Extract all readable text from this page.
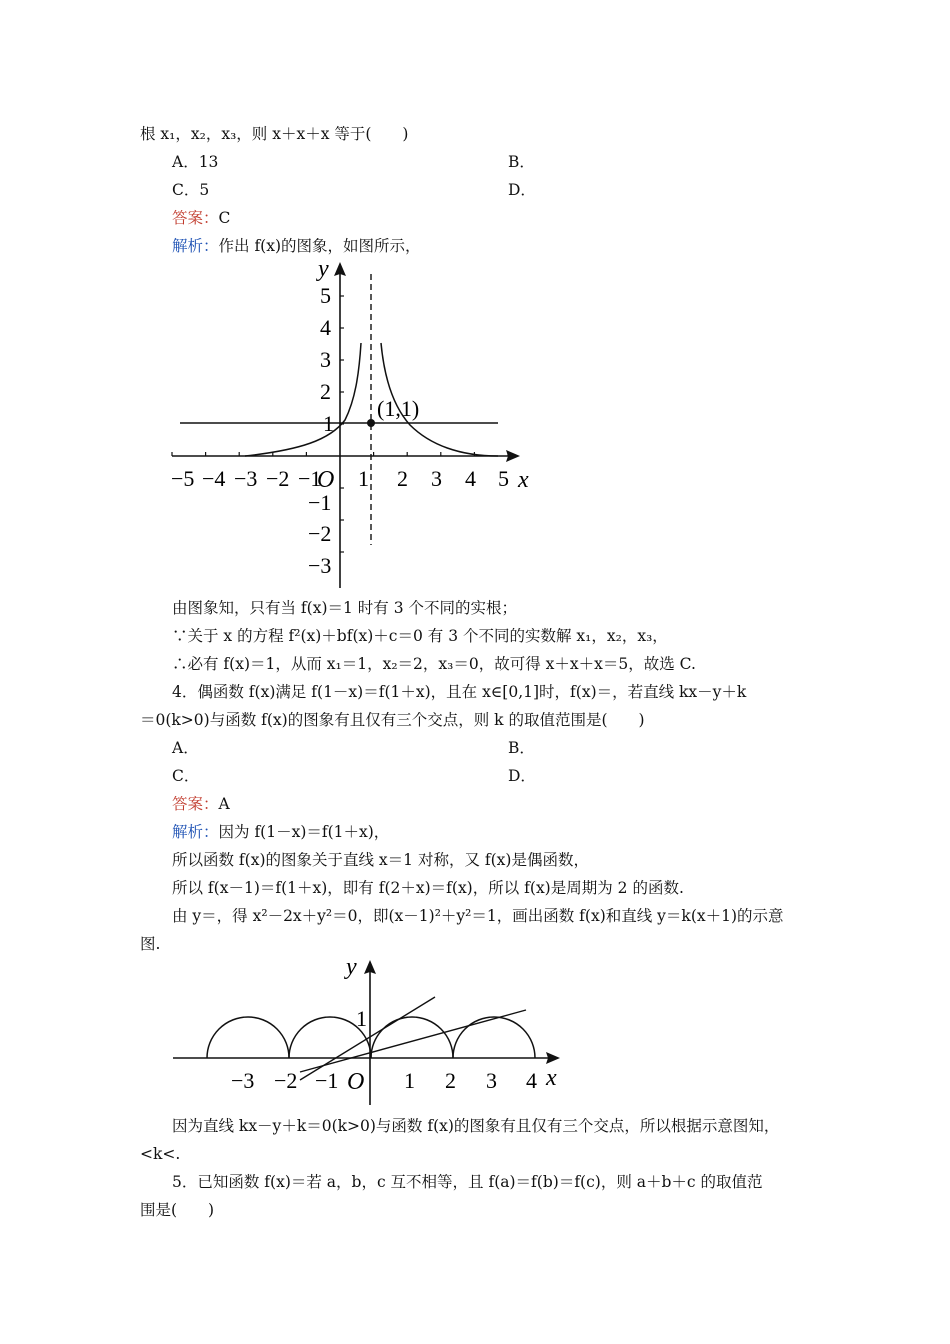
根 x₁，x₂，x₃，则 x＋x＋x 等于(　　)
A．13	B．
C．5	D．
答案：C
解析：作出 f(x)的图象，如图所示，
(1,1)
−5 −4 −3 −2 −1 1 2 3 4 5
O	x
y
5
4
3
2
1
−1
−2
−3
由图象知，只有当 f(x)＝1 时有 3 个不同的实根；
∵关于 x 的方程 f²(x)＋bf(x)＋c＝0 有 3 个不同的实数解 x₁，x₂，x₃，
∴必有 f(x)＝1，从而 x₁＝1，x₂＝2，x₃＝0，故可得 x＋x＋x＝5，故选 C.
4．偶函数 f(x)满足 f(1－x)＝f(1＋x)，且在 x∈[0,1]时，f(x)＝，若直线 kx－y＋k
＝0(k>0)与函数 f(x)的图象有且仅有三个交点，则 k 的取值范围是(　　)
A．	B．
C．	D．
答案：A
解析：因为 f(1－x)＝f(1＋x)，
所以函数 f(x)的图象关于直线 x＝1 对称，又 f(x)是偶函数，
所以 f(x－1)＝f(1＋x)，即有 f(2＋x)＝f(x)，所以 f(x)是周期为 2 的函数.
由 y＝，得 x²－2x＋y²＝0，即(x－1)²＋y²＝1，画出函数 f(x)和直线 y＝k(x＋1)的示意
图.
−3 −2 −1 O 1 2 3 4
1
x
y
因为直线 kx－y＋k＝0(k>0)与函数 f(x)的图象有且仅有三个交点，所以根据示意图知，
<k<.
5．已知函数 f(x)＝若 a，b，c 互不相等，且 f(a)＝f(b)＝f(c)，则 a＋b＋c 的取值范
围是(　　)
